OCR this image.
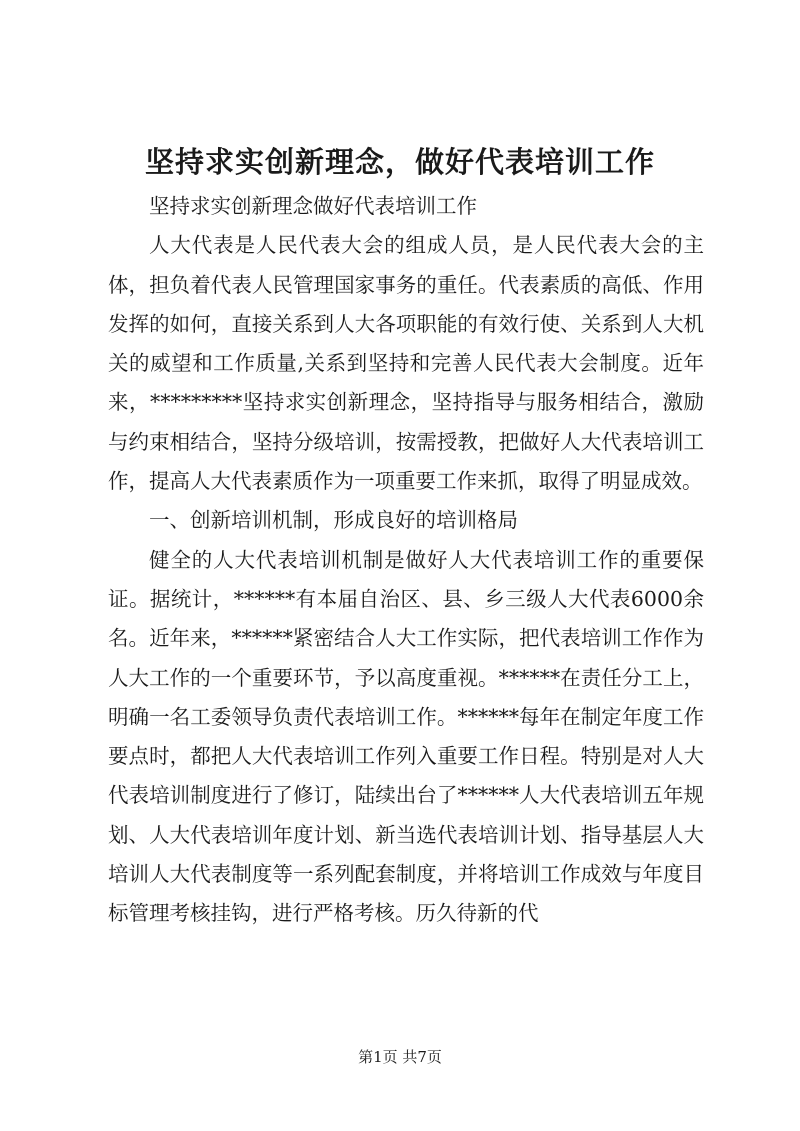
坚持求实创新理念，做好代表培训工作

坚持求实创新理念做好代表培训工作

人大代表是人民代表大会的组成人员，是人民代表大会的主体，担负着代表人民管理国家事务的重任。代表素质的高低、作用发挥的如何，直接关系到人大各项职能的有效行使、关系到人大机关的威望和工作质量,关系到坚持和完善人民代表大会制度。近年来，*********坚持求实创新理念，坚持指导与服务相结合，激励与约束相结合，坚持分级培训，按需授教，把做好人大代表培训工作，提高人大代表素质作为一项重要工作来抓，取得了明显成效。

一、创新培训机制，形成良好的培训格局

健全的人大代表培训机制是做好人大代表培训工作的重要保证。据统计，******有本届自治区、县、乡三级人大代表6000余名。近年来，******紧密结合人大工作实际，把代表培训工作作为人大工作的一个重要环节，予以高度重视。******在责任分工上，明确一名工委领导负责代表培训工作。******每年在制定年度工作要点时，都把人大代表培训工作列入重要工作日程。特别是对人大代表培训制度进行了修订，陆续出台了******人大代表培训五年规划、人大代表培训年度计划、新当选代表培训计划、指导基层人大培训人大代表制度等一系列配套制度，并将培训工作成效与年度目标管理考核挂钩，进行严格考核。历久待新的代

第1页 共7页
